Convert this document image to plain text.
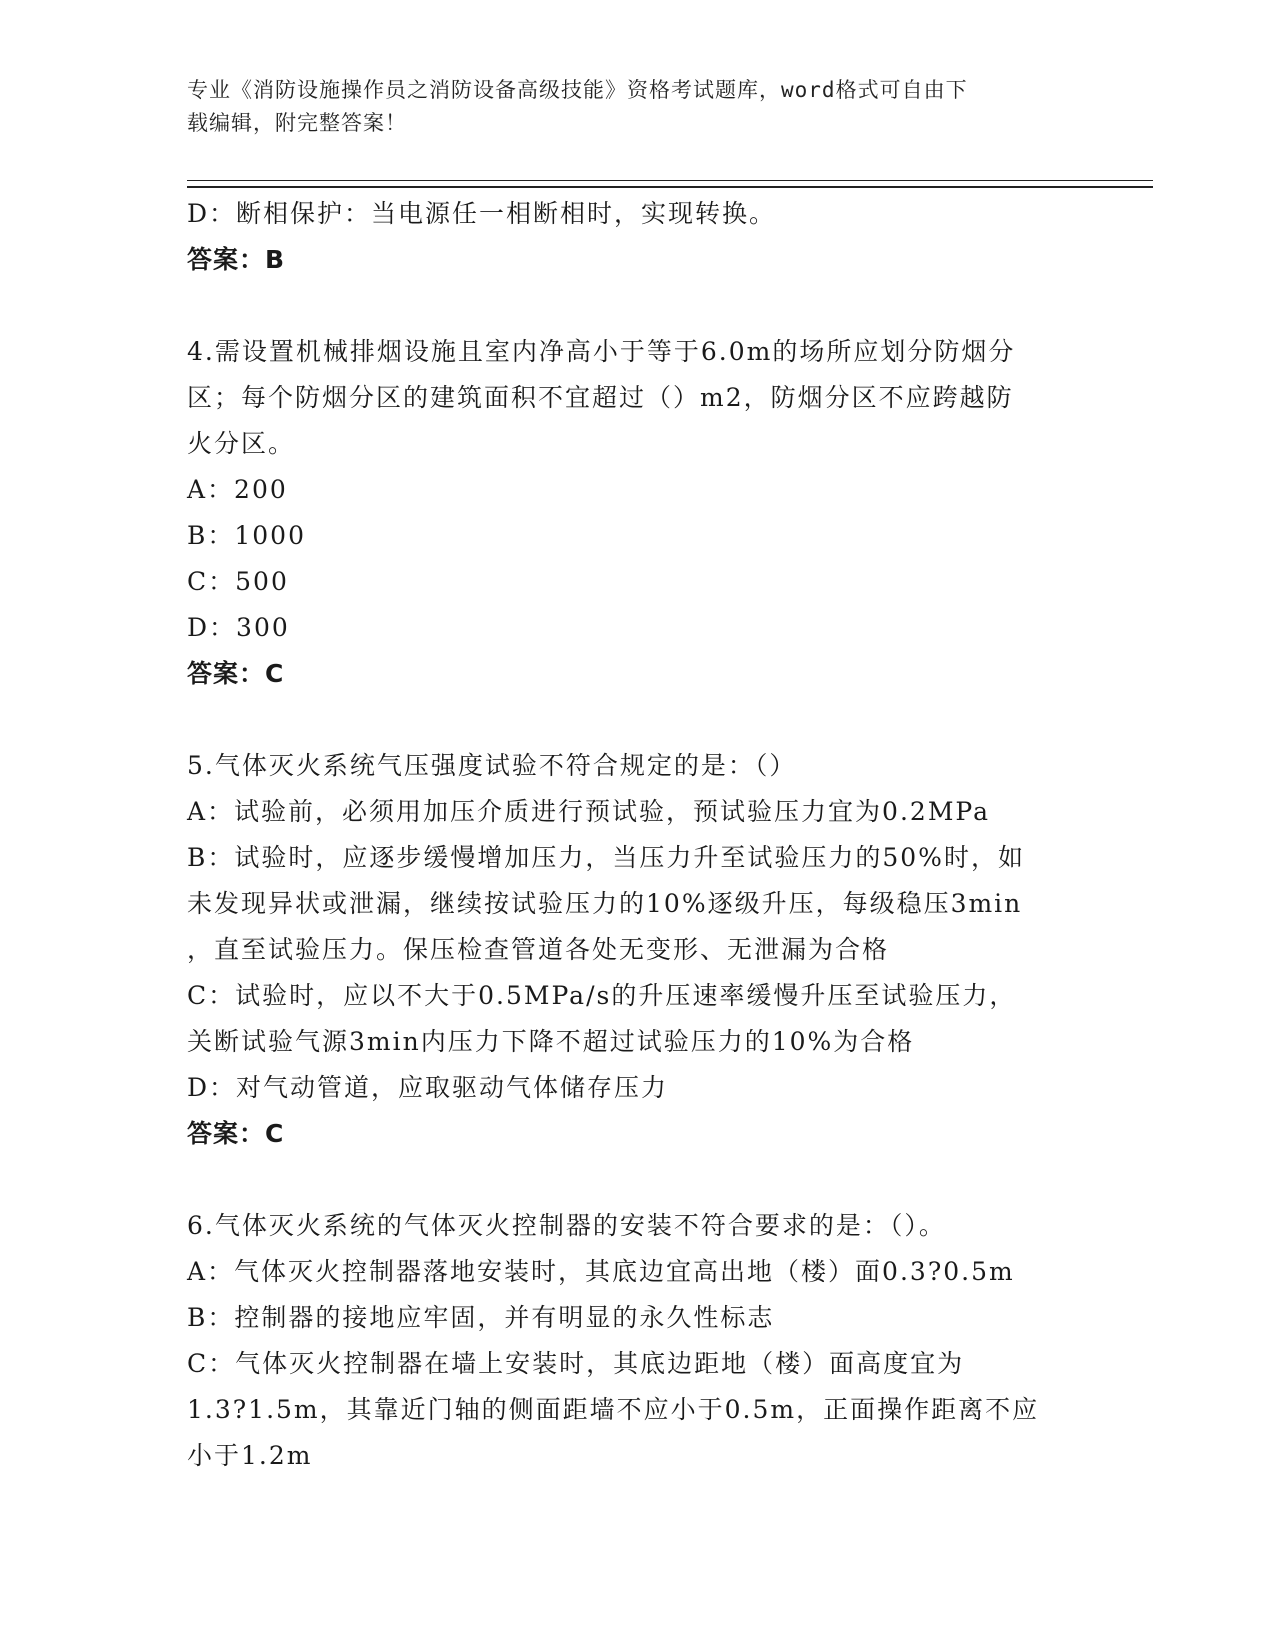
专业《消防设施操作员之消防设备高级技能》资格考试题库，word格式可自由下
载编辑，附完整答案！
D：断相保护：当电源任一相断相时，实现转换。
答案：B
4.需设置机械排烟设施且室内净高小于等于6.0m的场所应划分防烟分
区；每个防烟分区的建筑面积不宜超过（）m2，防烟分区不应跨越防
火分区。
A：200
B：1000
C：500
D：300
答案：C
5.气体灭火系统气压强度试验不符合规定的是：（）
A：试验前，必须用加压介质进行预试验，预试验压力宜为0.2MPa
B：试验时，应逐步缓慢增加压力，当压力升至试验压力的50%时，如
未发现异状或泄漏，继续按试验压力的10%逐级升压，每级稳压3min
，直至试验压力。保压检查管道各处无变形、无泄漏为合格
C：试验时，应以不大于0.5MPa/s的升压速率缓慢升压至试验压力，
关断试验气源3min内压力下降不超过试验压力的10%为合格
D：对气动管道，应取驱动气体储存压力
答案：C
6.气体灭火系统的气体灭火控制器的安装不符合要求的是：（）。
A：气体灭火控制器落地安装时，其底边宜高出地（楼）面0.3?0.5m
B：控制器的接地应牢固，并有明显的永久性标志
C：气体灭火控制器在墙上安装时，其底边距地（楼）面高度宜为
1.3?1.5m，其靠近门轴的侧面距墙不应小于0.5m，正面操作距离不应
小于1.2m
